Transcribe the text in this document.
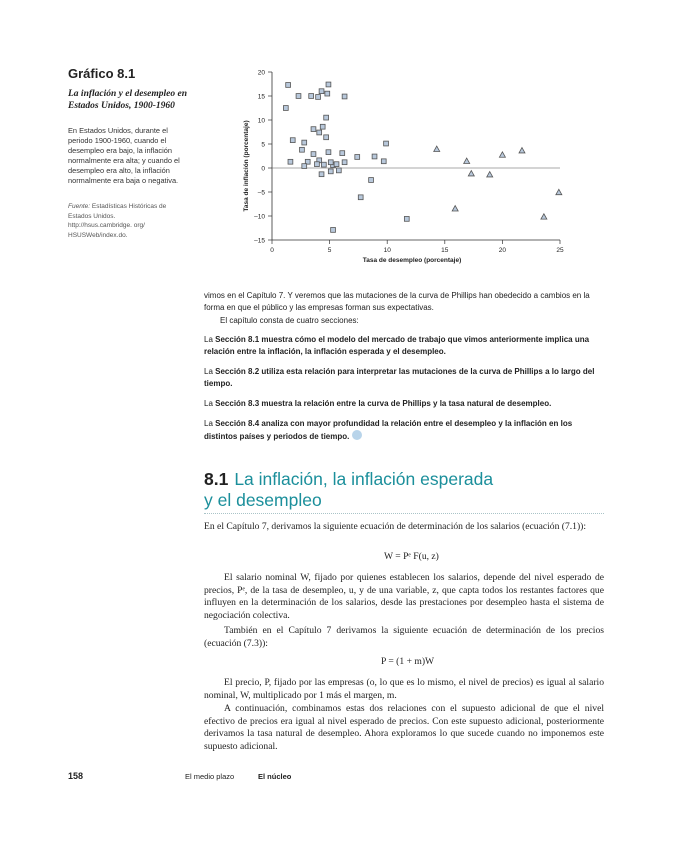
Gráfico 8.1
La inflación y el desempleo en Estados Unidos, 1900-1960
En Estados Unidos, durante el periodo 1900-1960, cuando el desempleo era bajo, la inflación normalmente era alta; y cuando el desempleo era alto, la inflación normalmente era baja o negativa.
Fuente: Estadísticas Históricas de Estados Unidos.
http://hsus.cambridge. org/
HSUSWeb/index.do.
20
15
10
5
0
–5
–10
–15
0	5	10	15	20	25
Tasa de desempleo (porcentaje)
Tasa de inflación (porcentaje)
vimos en el Capítulo 7. Y veremos que las mutaciones de la curva de Phillips han obedecido a cambios en la forma en que el público y las empresas forman sus expectativas.
El capítulo consta de cuatro secciones:
La Sección 8.1 muestra cómo el modelo del mercado de trabajo que vimos anteriormente implica una relación entre la inflación, la inflación esperada y el desempleo.
La Sección 8.2 utiliza esta relación para interpretar las mutaciones de la curva de Phillips a lo largo del tiempo.
La Sección 8.3 muestra la relación entre la curva de Phillips y la tasa natural de desempleo.
La Sección 8.4 analiza con mayor profundidad la relación entre el desempleo y la inflación en los distintos países y periodos de tiempo.
8.1 La inflación, la inflación esperada
y el desempleo
En el Capítulo 7, derivamos la siguiente ecuación de determinación de los salarios (ecuación (7.1)):
W = Pᵉ F(u, z)
El salario nominal W, fijado por quienes establecen los salarios, depende del nivel esperado de precios, Pᵉ, de la tasa de desempleo, u, y de una variable, z, que capta todos los restantes factores que influyen en la determinación de los salarios, desde las prestaciones por desempleo hasta el sistema de negociación colectiva.
También en el Capítulo 7 derivamos la siguiente ecuación de determinación de los precios (ecuación (7.3)):
P = (1 + m)W
El precio, P, fijado por las empresas (o, lo que es lo mismo, el nivel de precios) es igual al salario nominal, W, multiplicado por 1 más el margen, m.
A continuación, combinamos estas dos relaciones con el supuesto adicional de que el nivel efectivo de precios era igual al nivel esperado de precios. Con este supuesto adicional, posteriormente derivamos la tasa natural de desempleo. Ahora exploramos lo que sucede cuando no imponemos este supuesto adicional.
158	El medio plazo	El núcleo
